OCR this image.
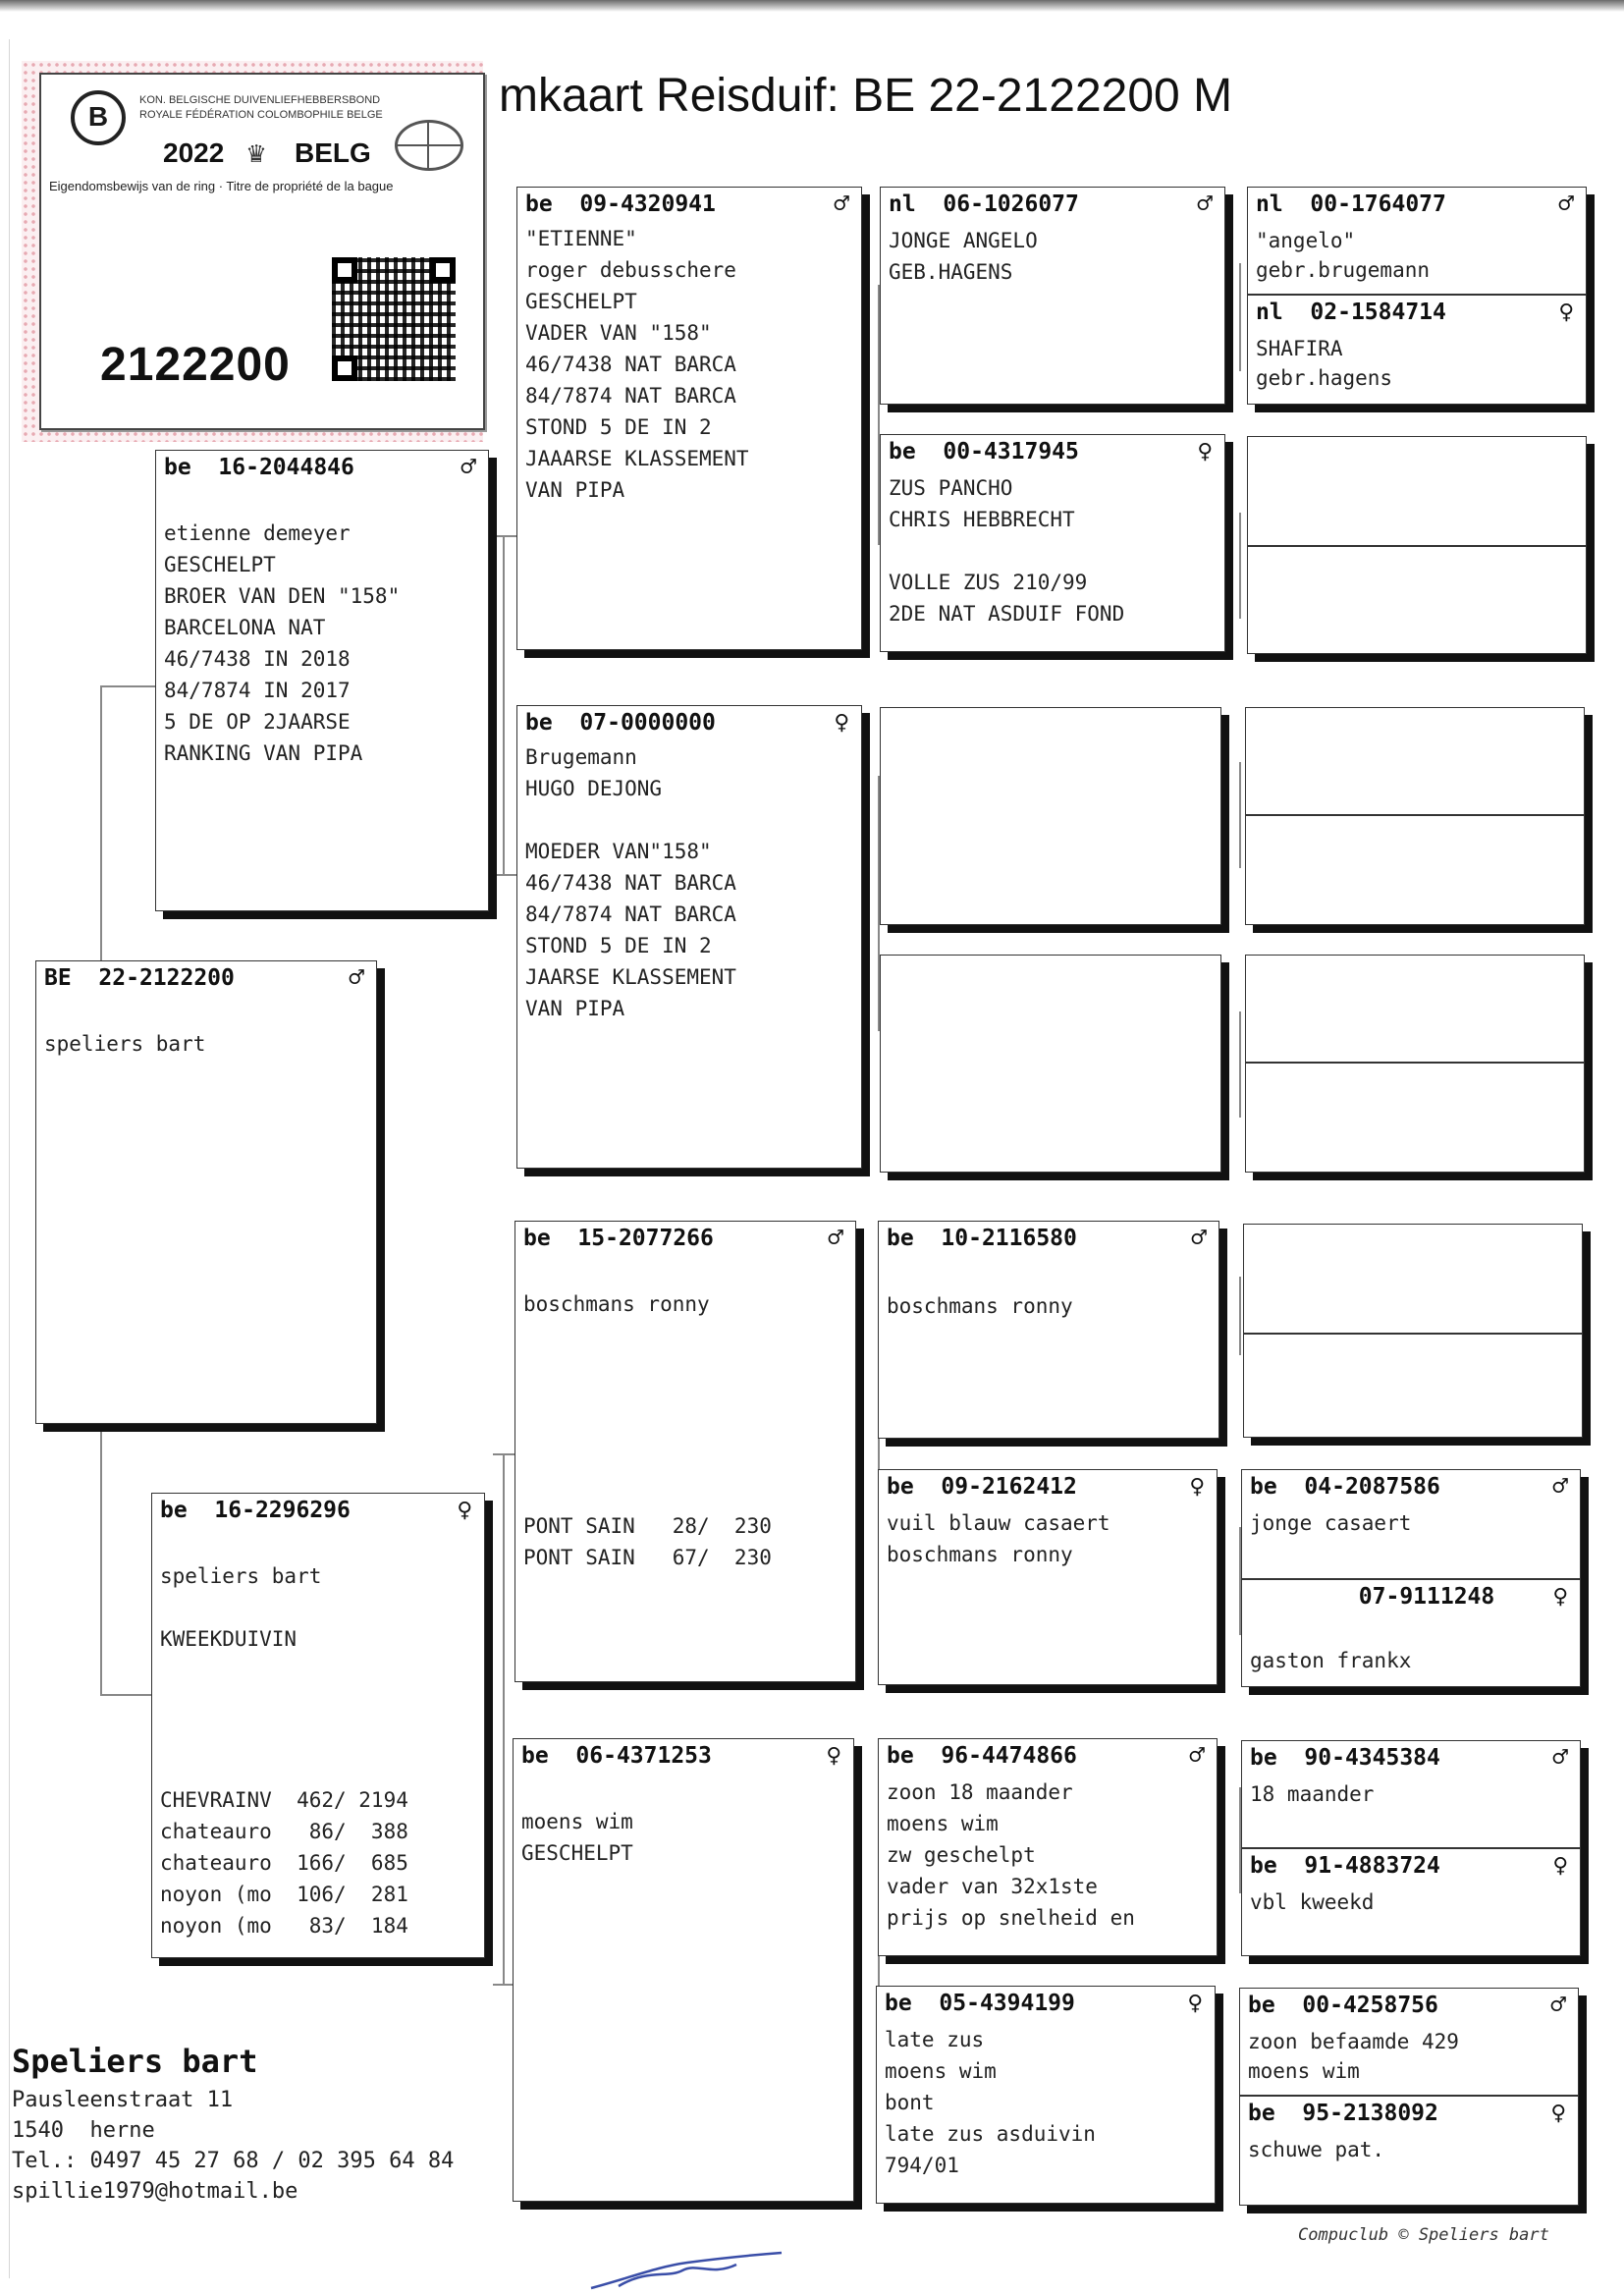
mkaart Reisduif: BE 22-2122200 M
B
KON. BELGISCHE DUIVENLIEFHEBBERSBOND
ROYALE FÉDÉRATION COLOMBOPHILE BELGE
2022 ♛ BELG
Eigendomsbewijs van de ring · Titre de propriété de la bague
2122200
BE 22-2122200	♂
speliers bart
be 16-2044846	♂
etienne demeyer
GESCHELPT
BROER VAN DEN "158"
BARCELONA NAT
46/7438 IN 2018
84/7874 IN 2017
5 DE OP 2JAARSE
RANKING VAN PIPA
be 16-2296296	♀
speliers bart
KWEEKDUIVIN
CHEVRAINV  462/ 2194
chateauro   86/  388
chateauro  166/  685
noyon (mo  106/  281
noyon (mo   83/  184
be 09-4320941	♂
"ETIENNE"
roger debusschere
GESCHELPT
VADER VAN "158"
46/7438 NAT BARCA
84/7874 NAT BARCA
STOND 5 DE IN 2
JAAARSE KLASSEMENT
VAN PIPA
be 07-0000000	♀
Brugemann
HUGO DEJONG
MOEDER VAN"158"
46/7438 NAT BARCA
84/7874 NAT BARCA
STOND 5 DE IN 2
JAARSE KLASSEMENT
VAN PIPA
be 15-2077266	♂
boschmans ronny
PONT SAIN   28/  230
PONT SAIN   67/  230
be 06-4371253	♀
moens wim
GESCHELPT
nl 06-1026077	♂
JONGE ANGELO
GEB.HAGENS
be 00-4317945	♀
ZUS PANCHO
CHRIS HEBBRECHT
VOLLE ZUS 210/99
2DE NAT ASDUIF FOND
be 10-2116580	♂
boschmans ronny
be 09-2162412	♀
vuil blauw casaert
boschmans ronny
be 96-4474866	♂
zoon 18 maander
moens wim
zw geschelpt
vader van 32x1ste
prijs op snelheid en
be 05-4394199	♀
late zus
moens wim
bont
late zus asduivin
794/01
nl 00-1764077	♂
"angelo"
gebr.brugemann
nl 02-1584714	♀
SHAFIRA
gebr.hagens
be 04-2087586	♂
jonge casaert
07-9111248 ♀
gaston frankx
be 90-4345384	♂
18 maander
be 91-4883724	♀
vbl kweekd
be 00-4258756	♂
zoon befaamde 429
moens wim
be 95-2138092	♀
schuwe pat.
Speliers bart
Pausleenstraat 11
1540  herne
Tel.: 0497 45 27 68 / 02 395 64 84
spillie1979@hotmail.be
Compuclub © Speliers bart
